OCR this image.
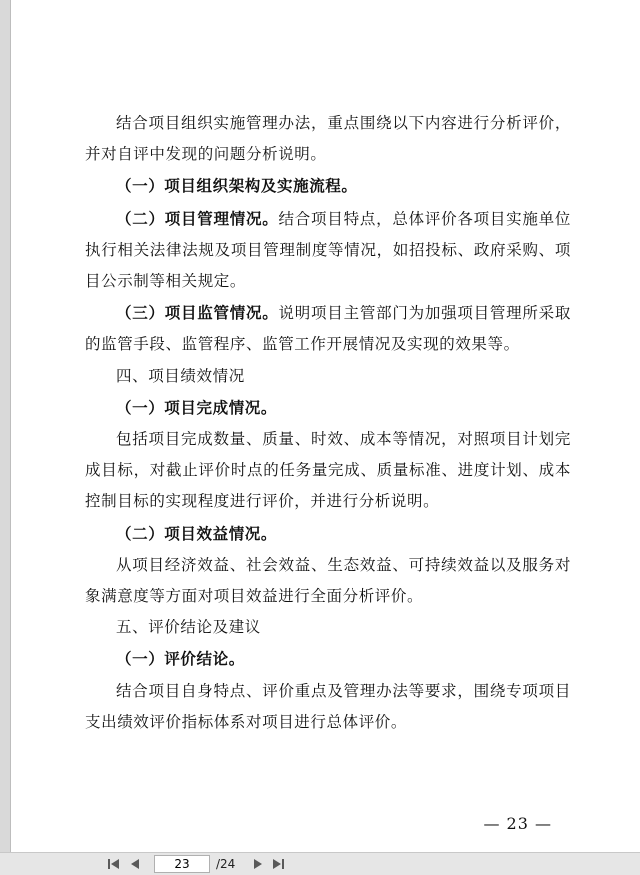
结合项目组织实施管理办法，重点围绕以下内容进行分析评价，并对自评中发现的问题分析说明。

（一）项目组织架构及实施流程。

（二）项目管理情况。结合项目特点，总体评价各项目实施单位执行相关法律法规及项目管理制度等情况，如招投标、政府采购、项目公示制等相关规定。

（三）项目监管情况。说明项目主管部门为加强项目管理所采取的监管手段、监管程序、监管工作开展情况及实现的效果等。

四、项目绩效情况

（一）项目完成情况。

包括项目完成数量、质量、时效、成本等情况，对照项目计划完成目标，对截止评价时点的任务量完成、质量标准、进度计划、成本控制目标的实现程度进行评价，并进行分析说明。

（二）项目效益情况。

从项目经济效益、社会效益、生态效益、可持续效益以及服务对象满意度等方面对项目效益进行全面分析评价。

五、评价结论及建议

（一）评价结论。

结合项目自身特点、评价重点及管理办法等要求，围绕专项项目支出绩效评价指标体系对项目进行总体评价。

— 23 —
23
/24
